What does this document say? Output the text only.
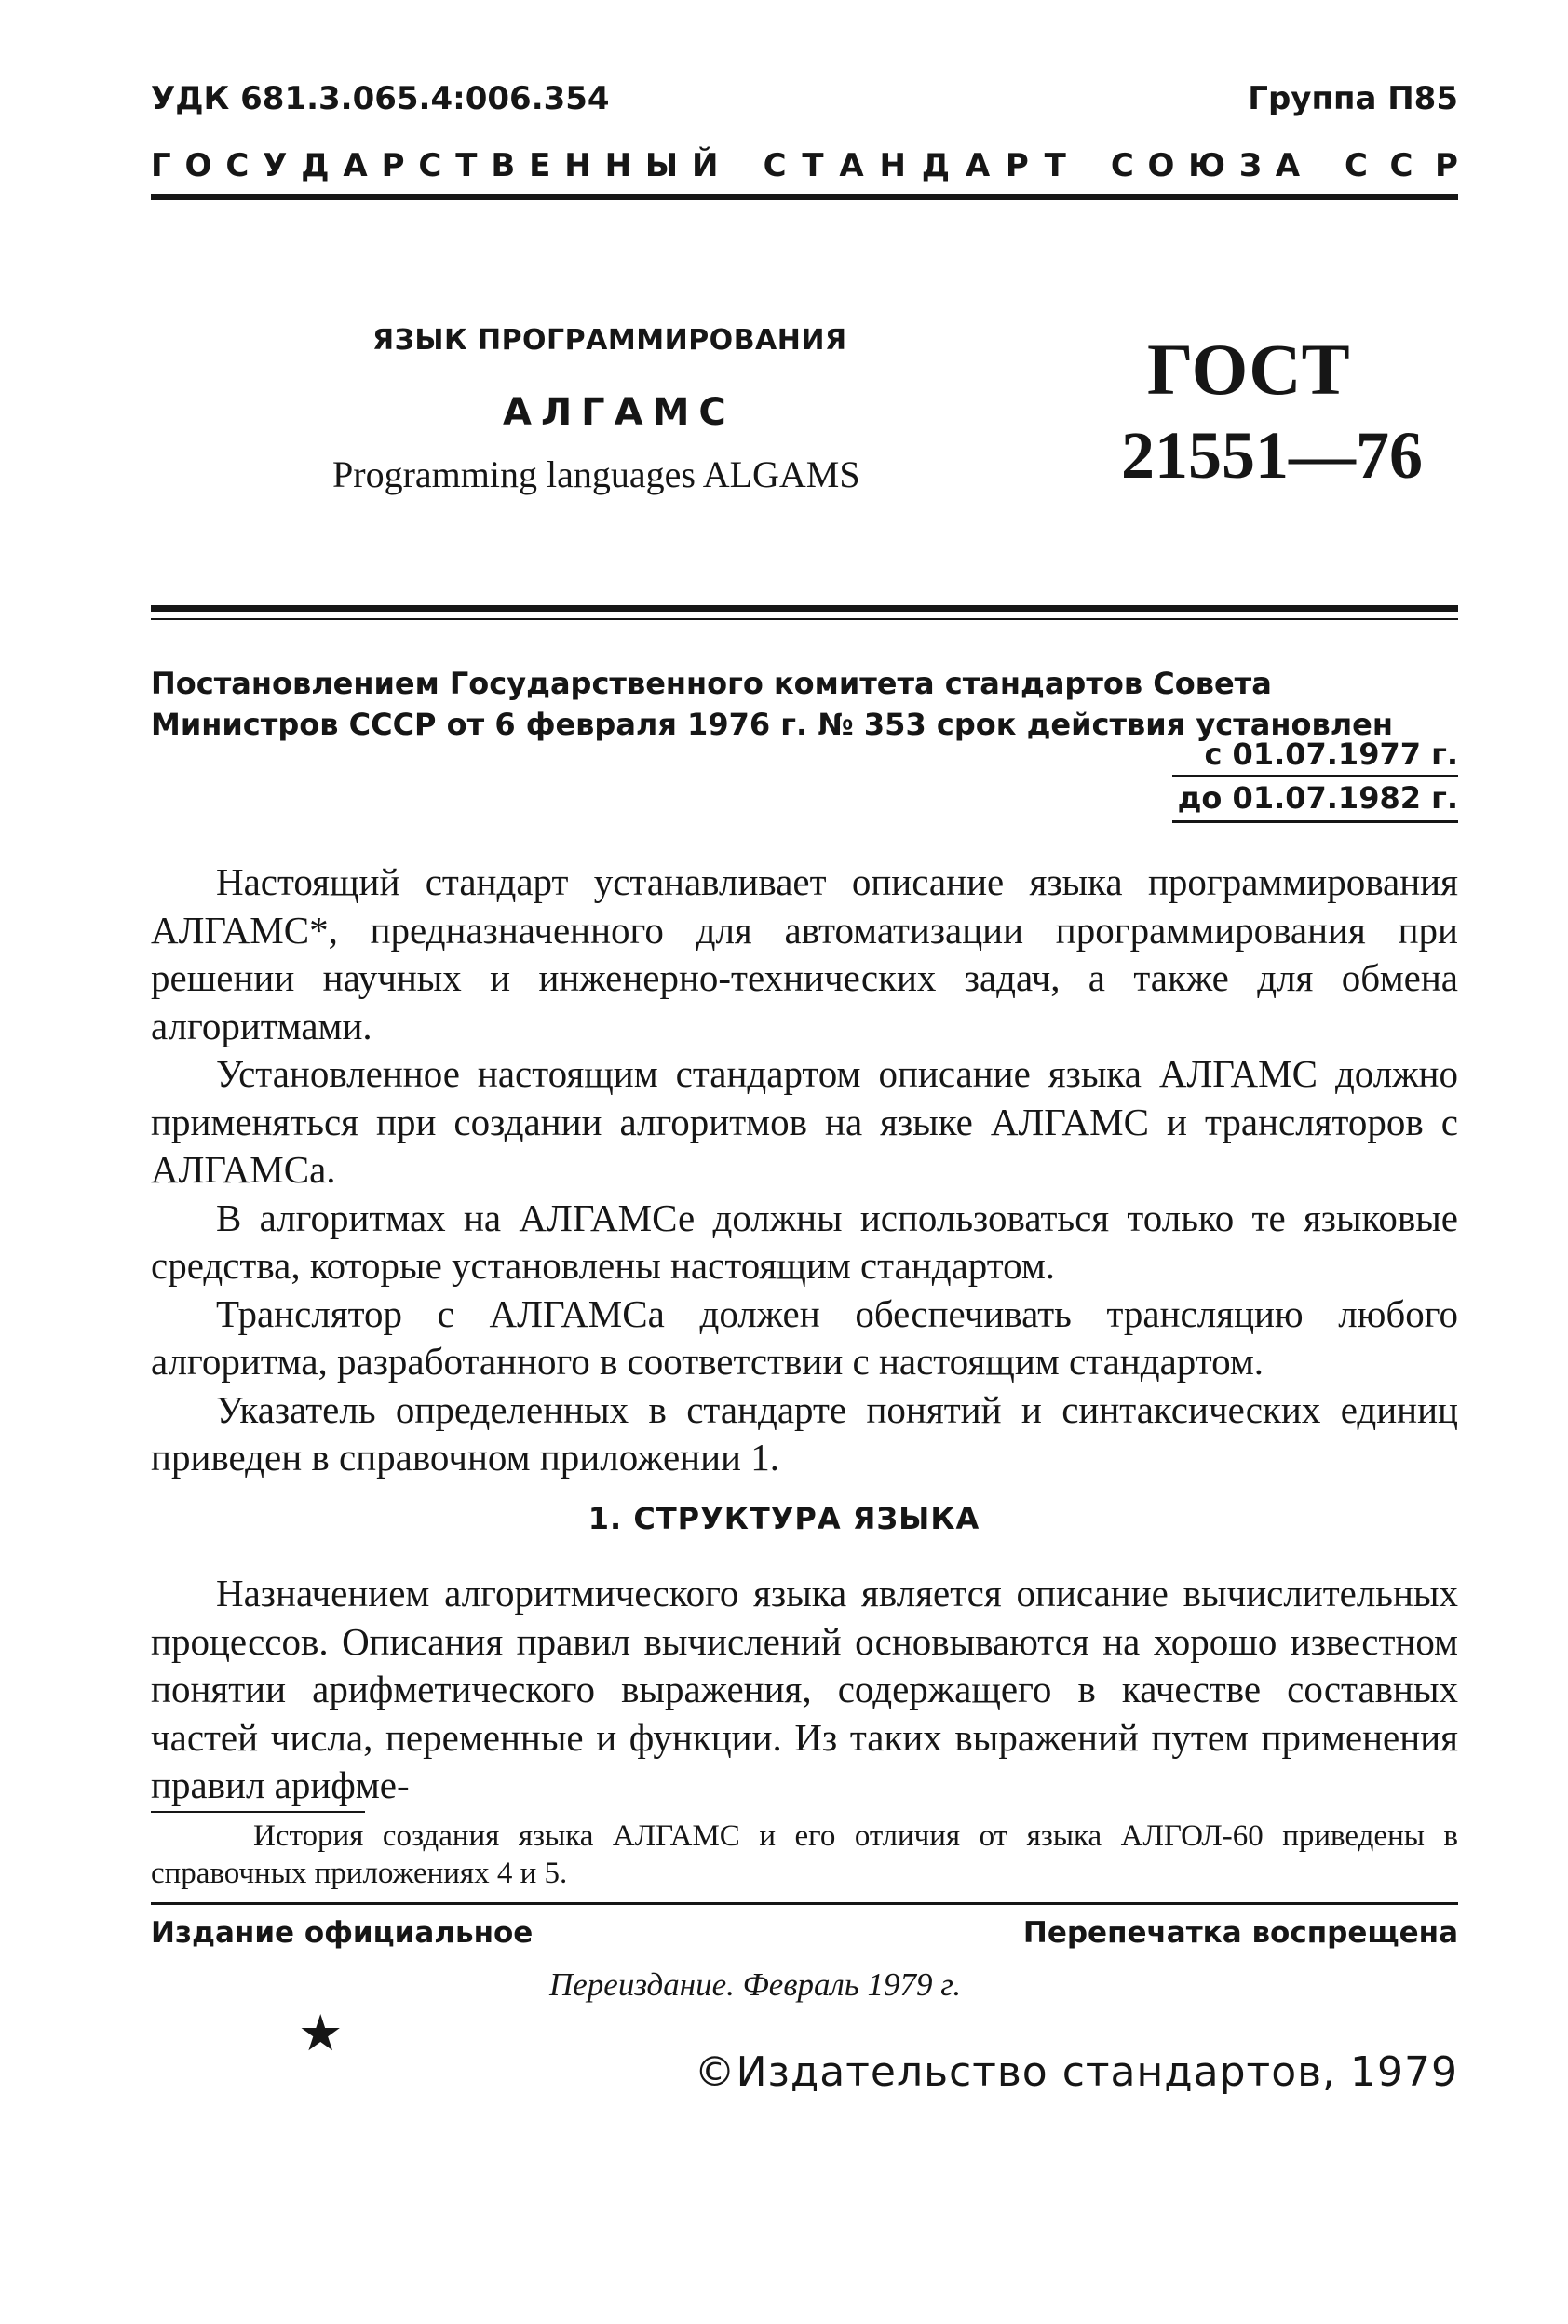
УДК 681.3.065.4:006.354	Группа П85
Г О С У Д А Р С Т В Е Н Н Ы Й С Т А Н Д А Р Т С О Ю З А С С Р
ЯЗЫК ПРОГРАММИРОВАНИЯ
АЛГАМС
Programming languages ALGAMS
ГОСТ
21551—76
Постановлением Государственного комитета стандартов Совета Министров СССР от 6 февраля 1976 г. № 353 срок действия установлен
с 01.07.1977 г.
до 01.07.1982 г.

Настоящий стандарт устанавливает описание языка программирования АЛГАМС*, предназначенного для автоматизации программирования при решении научных и инженерно-технических задач, а также для обмена алгоритмами.

Установленное настоящим стандартом описание языка АЛГАМС должно применяться при создании алгоритмов на языке АЛГАМС и трансляторов с АЛГАМСа.

В алгоритмах на АЛГАМСе должны использоваться только те языковые средства, которые установлены настоящим стандартом.

Транслятор с АЛГАМСа должен обеспечивать трансляцию любого алгоритма, разработанного в соответствии с настоящим стандартом.

Указатель определенных в стандарте понятий и синтаксических единиц приведен в справочном приложении 1.

1. СТРУКТУРА ЯЗЫКА

Назначением алгоритмического языка является описание вычислительных процессов. Описания правил вычислений основываются на хорошо известном понятии арифметического выражения, содержащего в качестве составных частей числа, переменные и функции. Из таких выражений путем применения правил арифме-

История создания языка АЛГАМС и его отличия от языка АЛГОЛ-60 приведены в справочных приложениях 4 и 5.

Издание официальное	Перепечатка воспрещена
Переиздание. Февраль 1979 г.
★
©Издательство стандартов, 1979
